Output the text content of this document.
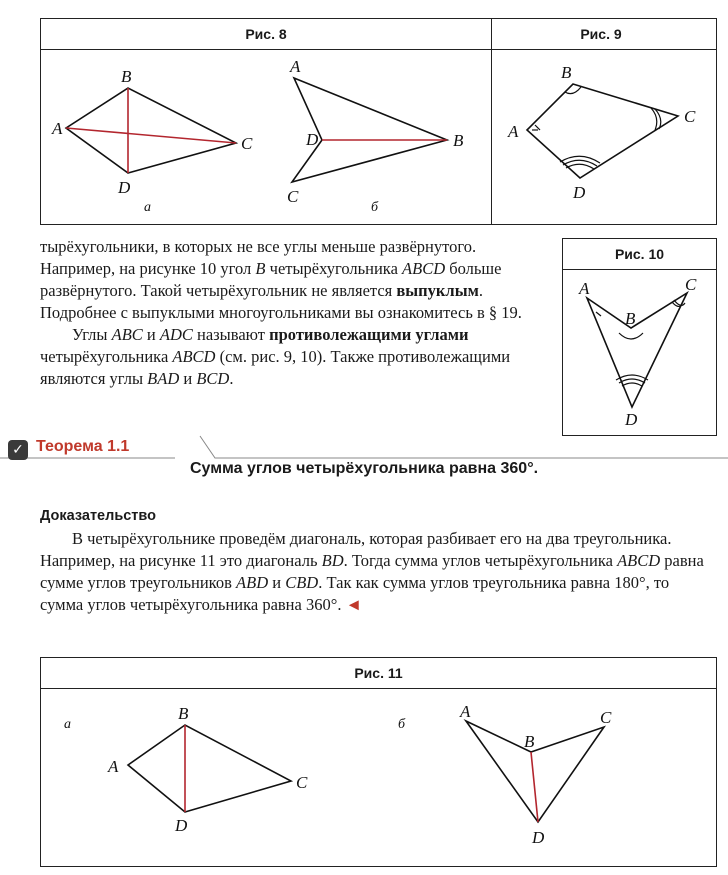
Рис. 8	Рис. 9
A
B
C
D
а
A
B
C
D
б
A
B
C
D
Рис. 10
A
B
C
D

тырёхугольники, в которых не все углы меньше развёрнутого. Например, на рисунке 10 угол B четырёхугольника ABCD больше развёрнутого. Такой четырёхугольник не является выпуклым. Подробнее с выпуклыми многоугольниками вы ознакомитесь в § 19.

Углы ABC и ADC называют противолежащими углами четырёхугольника ABCD (см. рис. 9, 10). Также противолежащими являются углы BAD и BCD.

✓ Теорема 1.1
Сумма углов четырёхугольника равна 360°.
Доказательство

В четырёхугольнике проведём диагональ, которая разбивает его на два треугольника. Например, на рисунке 11 это диагональ BD. Тогда сумма углов четырёхугольника ABCD равна сумме углов треугольников ABD и CBD. Так как сумма углов треугольника равна 180°, то сумма углов четырёхугольника равна 360°. ◄

Рис. 11
а
A
B
C
D
б
A
B
C
D
